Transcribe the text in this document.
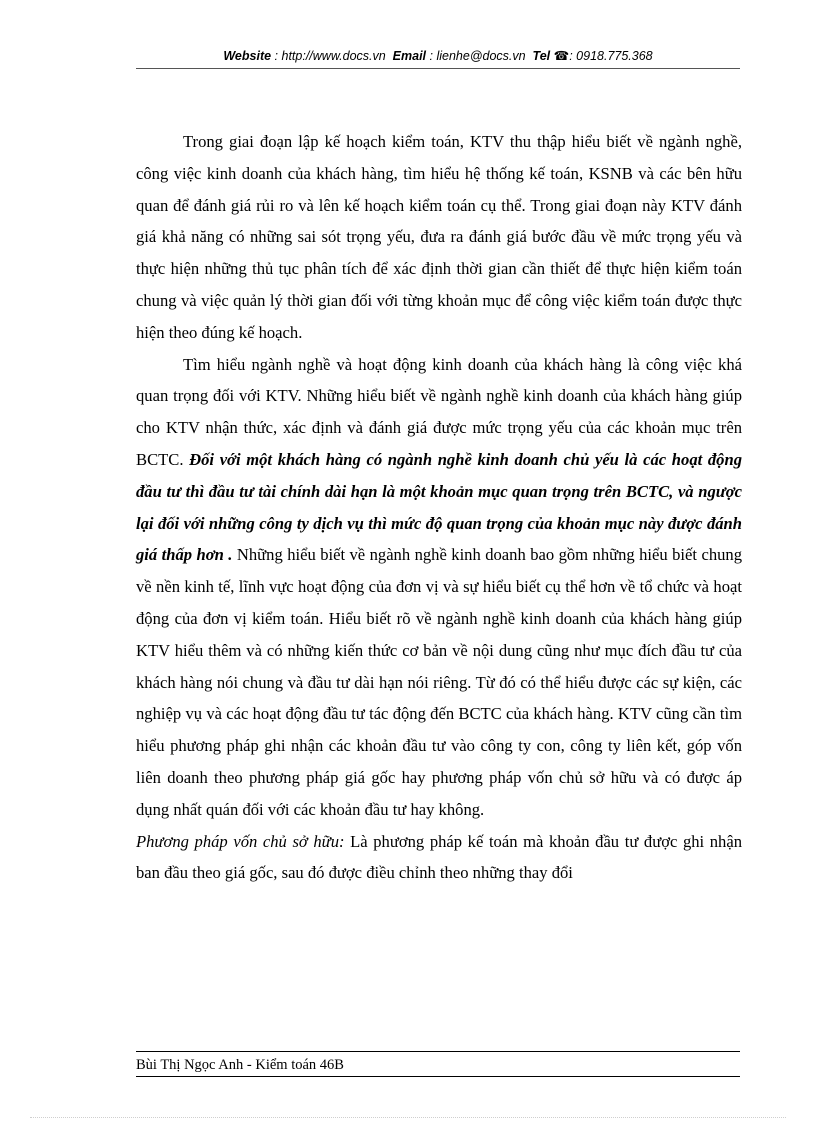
Website : http://www.docs.vn Email : lienhe@docs.vn Tel ☎: 0918.775.368

Trong giai đoạn lập kế hoạch kiểm toán, KTV thu thập hiểu biết về ngành nghề, công việc kinh doanh của khách hàng, tìm hiểu hệ thống kế toán, KSNB và các bên hữu quan để đánh giá rủi ro và lên kế hoạch kiểm toán cụ thể. Trong giai đoạn này KTV đánh giá khả năng có những sai sót trọng yếu, đưa ra đánh giá bước đầu về mức trọng yếu và thực hiện những thủ tục phân tích để xác định thời gian cần thiết để thực hiện kiểm toán chung và việc quản lý thời gian đối với từng khoản mục để công việc kiểm toán được thực hiện theo đúng kế hoạch.

Tìm hiểu ngành nghề và hoạt động kinh doanh của khách hàng là công việc khá quan trọng đối với KTV. Những hiểu biết về ngành nghề kinh doanh của khách hàng giúp cho KTV nhận thức, xác định và đánh giá được mức trọng yếu của các khoản mục trên BCTC. Đối với một khách hàng có ngành nghề kinh doanh chủ yếu là các hoạt động đầu tư thì đầu tư tài chính dài hạn là một khoản mục quan trọng trên BCTC, và ngược lại đối với những công ty dịch vụ thì mức độ quan trọng của khoản mục này được đánh giá thấp hơn . Những hiểu biết về ngành nghề kinh doanh bao gồm những hiểu biết chung về nền kinh tế, lĩnh vực hoạt động của đơn vị và sự hiểu biết cụ thể hơn về tổ chức và hoạt động của đơn vị kiểm toán. Hiểu biết rõ về ngành nghề kinh doanh của khách hàng giúp KTV hiểu thêm và có những kiến thức cơ bản về nội dung cũng như mục đích đầu tư của khách hàng nói chung và đầu tư dài hạn nói riêng. Từ đó có thể hiểu được các sự kiện, các nghiệp vụ và các hoạt động đầu tư tác động đến BCTC của khách hàng. KTV cũng cần tìm hiểu phương pháp ghi nhận các khoản đầu tư vào công ty con, công ty liên kết, góp vốn liên doanh theo phương pháp giá gốc hay phương pháp vốn chủ sở hữu và có được áp dụng nhất quán đối với các khoản đầu tư hay không.

Phương pháp vốn chủ sở hữu: Là phương pháp kế toán mà khoản đầu tư được ghi nhận ban đầu theo giá gốc, sau đó được điều chỉnh theo những thay đổi

Bùi Thị Ngọc Anh - Kiểm toán 46B
